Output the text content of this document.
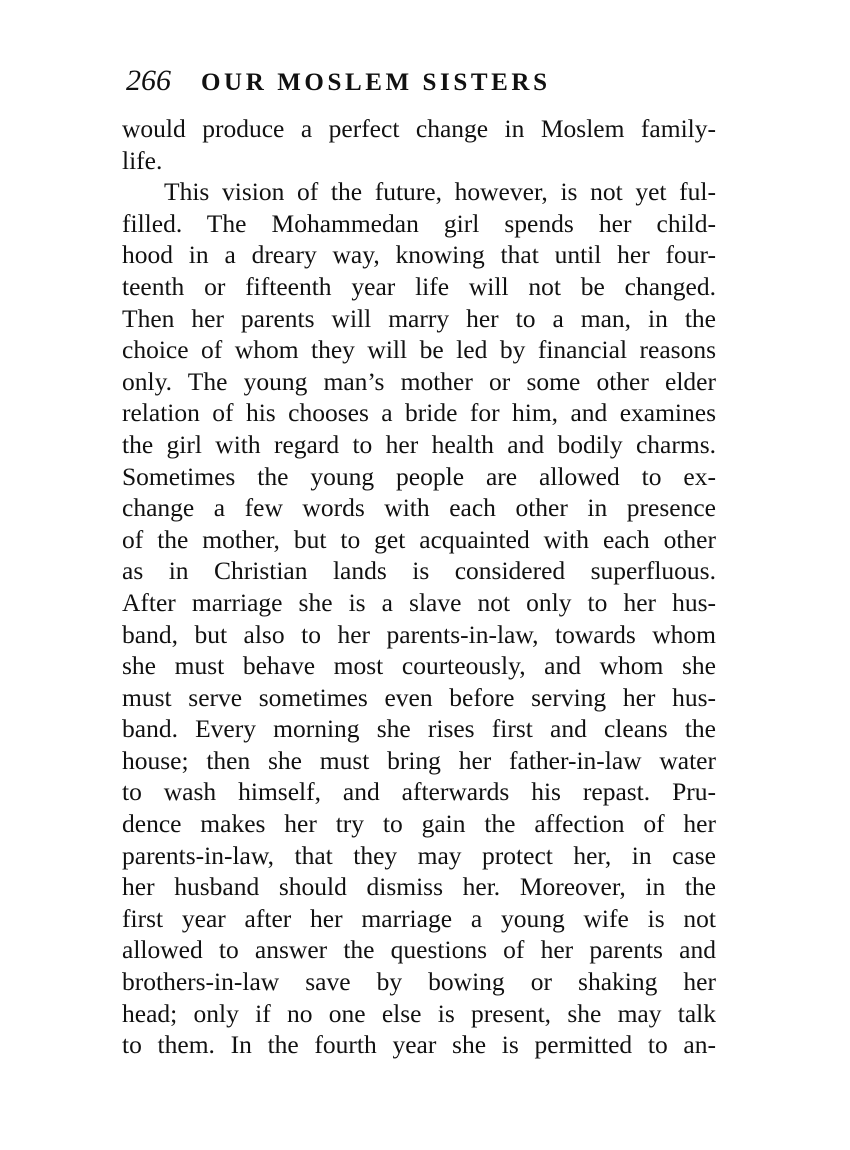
266 OUR MOSLEM SISTERS
would produce a perfect change in Moslem family-
life.
This vision of the future, however, is not yet ful-
filled. The Mohammedan girl spends her child-
hood in a dreary way, knowing that until her four-
teenth or fifteenth year life will not be changed.
Then her parents will marry her to a man, in the
choice of whom they will be led by financial reasons
only. The young man’s mother or some other elder
relation of his chooses a bride for him, and examines
the girl with regard to her health and bodily charms.
Sometimes the young people are allowed to ex-
change a few words with each other in presence
of the mother, but to get acquainted with each other
as in Christian lands is considered superfluous.
After marriage she is a slave not only to her hus-
band, but also to her parents-in-law, towards whom
she must behave most courteously, and whom she
must serve sometimes even before serving her hus-
band. Every morning she rises first and cleans the
house; then she must bring her father-in-law water
to wash himself, and afterwards his repast. Pru-
dence makes her try to gain the affection of her
parents-in-law, that they may protect her, in case
her husband should dismiss her. Moreover, in the
first year after her marriage a young wife is not
allowed to answer the questions of her parents and
brothers-in-law save by bowing or shaking her
head; only if no one else is present, she may talk
to them. In the fourth year she is permitted to an-
